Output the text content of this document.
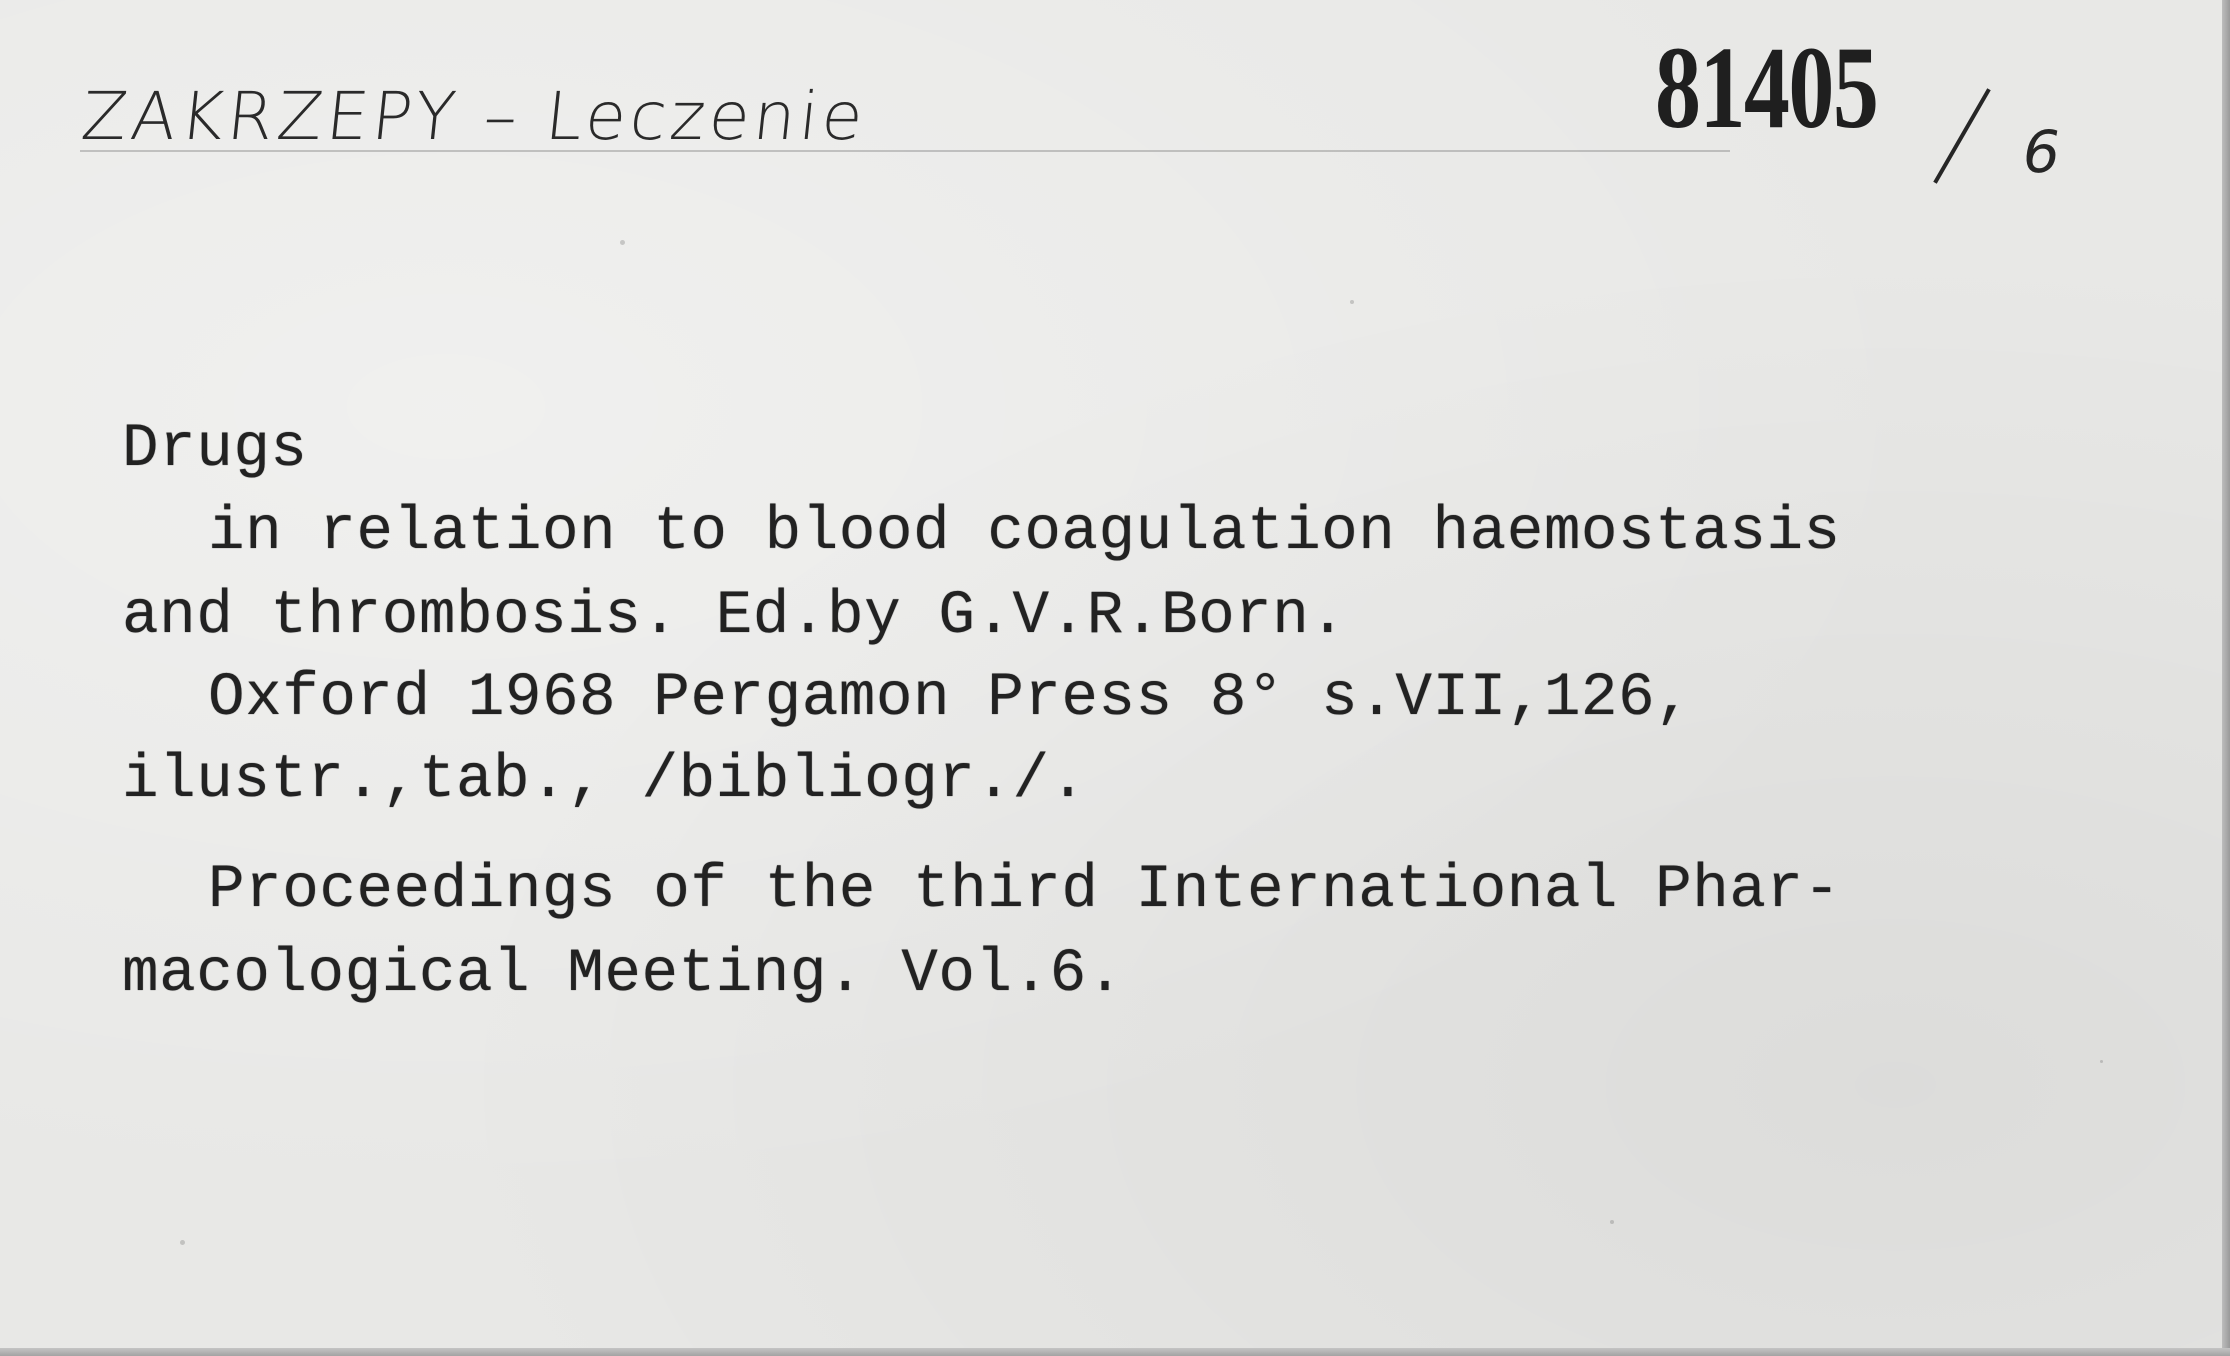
ZAKRZEPY – Leczenie	81405 6
Drugs
in relation to blood coagulation haemostasis
and thrombosis. Ed.by G.V.R.Born.
Oxford 1968 Pergamon Press 8° s.VII,126,
ilustr.,tab., /bibliogr./.
Proceedings of the third International Phar-
macological Meeting. Vol.6.
